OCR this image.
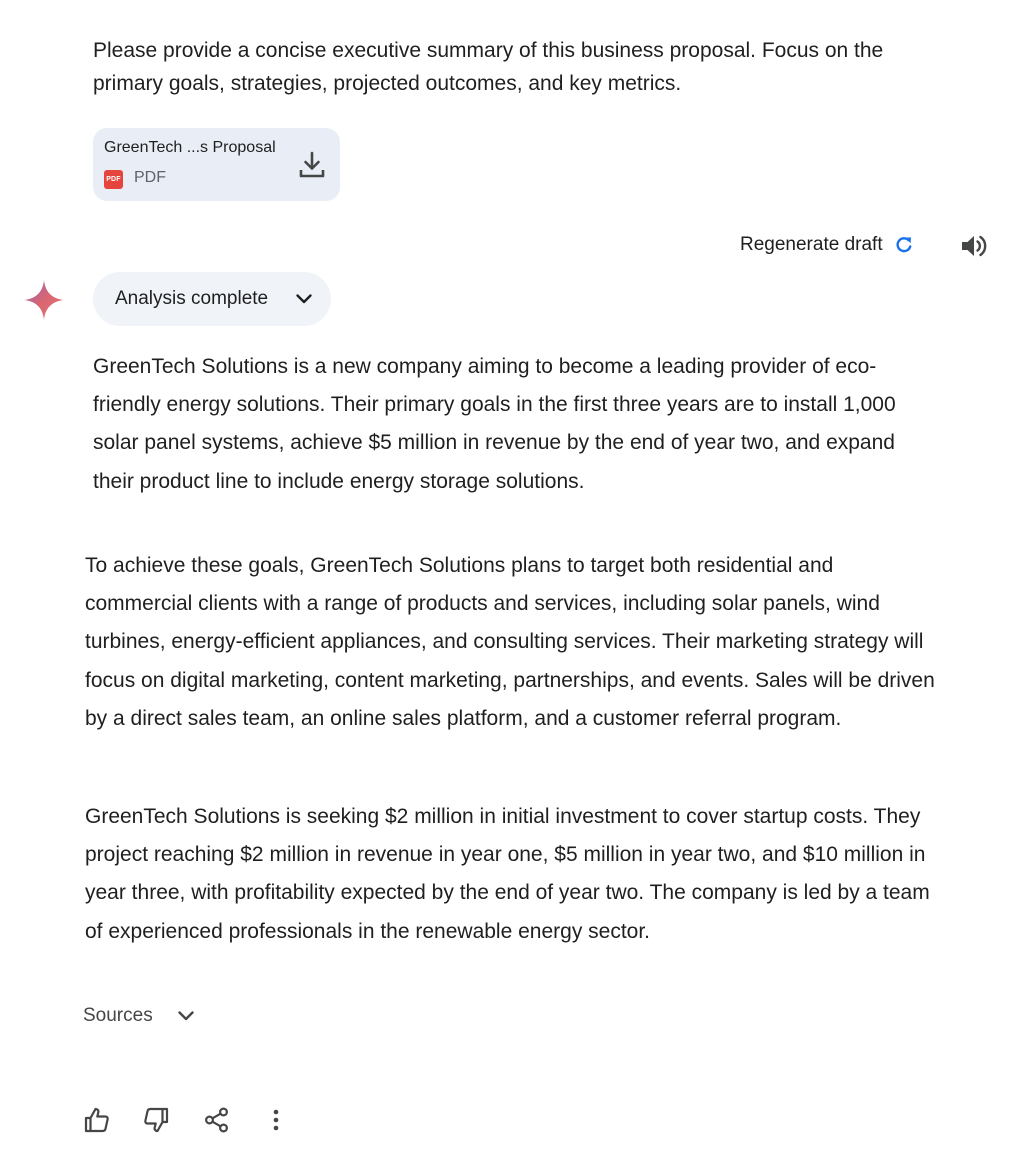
Please provide a concise executive summary of this business proposal. Focus on the primary goals, strategies, projected outcomes, and key metrics.
GreenTech ...s Proposal
PDF PDF
Regenerate draft
Analysis complete

GreenTech Solutions is a new company aiming to become a leading provider of eco-friendly energy solutions. Their primary goals in the first three years are to install 1,000 solar panel systems, achieve $5 million in revenue by the end of year two, and expand their product line to include energy storage solutions.

To achieve these goals, GreenTech Solutions plans to target both residential and commercial clients with a range of products and services, including solar panels, wind turbines, energy-efficient appliances, and consulting services. Their marketing strategy will focus on digital marketing, content marketing, partnerships, and events. Sales will be driven by a direct sales team, an online sales platform, and a customer referral program.

GreenTech Solutions is seeking $2 million in initial investment to cover startup costs. They project reaching $2 million in revenue in year one, $5 million in year two, and $10 million in year three, with profitability expected by the end of year two. The company is led by a team of experienced professionals in the renewable energy sector.

Sources
